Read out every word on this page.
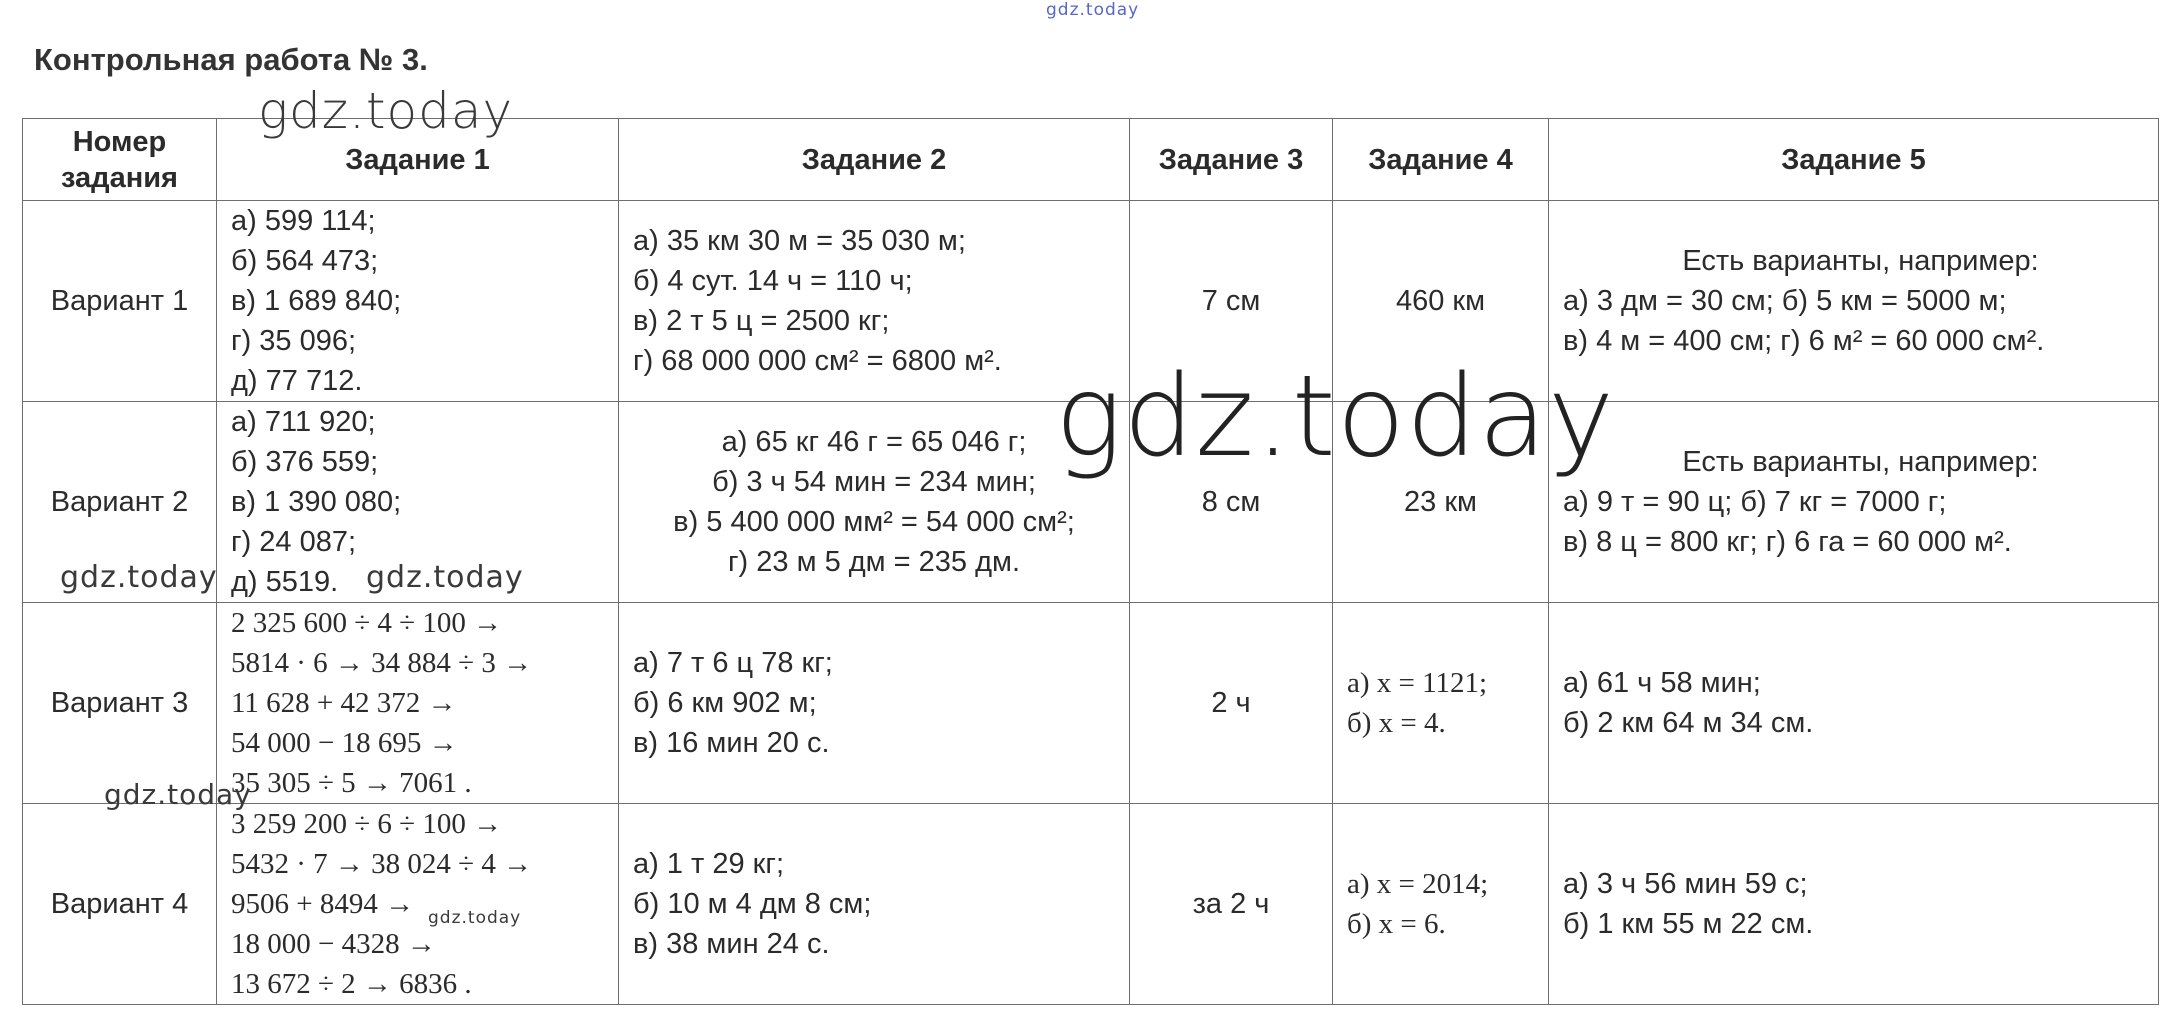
Контрольная работа № 3.
Номер задания	Задание 1	Задание 2	Задание 3	Задание 4	Задание 5
Вариант 1	а) 599 114;
б) 564 473;
в) 1 689 840;
г) 35 096;
д) 77 712.	а) 35 км 30 м = 35 030 м;
б) 4 сут. 14 ч = 110 ч;
в) 2 т 5 ц = 2500 кг;
г) 68 000 000 см² = 6800 м².	7 см	460 км	Есть варианты, например:
а) 3 дм = 30 см; б) 5 км = 5000 м;
в) 4 м = 400 см; г) 6 м² = 60 000 см².

Вариант 2	а) 711 920;
б) 376 559;
в) 1 390 080;
г) 24 087;
д) 5519.	а) 65 кг 46 г = 65 046 г;
б) 3 ч 54 мин = 234 мин;
в) 5 400 000 мм² = 54 000 см²;
г) 23 м 5 дм = 235 дм.	8 см	23 км	Есть варианты, например:
а) 9 т = 90 ц; б) 7 кг = 7000 г;
в) 8 ц = 800 кг; г) 6 га = 60 000 м².

Вариант 3	2 325 600 ÷ 4 ÷ 100 →
5814 · 6 → 34 884 ÷ 3 →
11 628 + 42 372 →
54 000 − 18 695 →
35 305 ÷ 5 → 7061 .	а) 7 т 6 ц 78 кг;
б) 6 км 902 м;
в) 16 мин 20 с.	2 ч	а) x = 1121;
б) x = 4.	а) 61 ч 58 мин;
б) 2 км 64 м 34 см.

Вариант 4	3 259 200 ÷ 6 ÷ 100 →
5432 · 7 → 38 024 ÷ 4 →
9506 + 8494 →
18 000 − 4328 →
13 672 ÷ 2 → 6836 .	а) 1 т 29 кг;
б) 10 м 4 дм 8 см;
в) 38 мин 24 с.	за 2 ч	а) x = 2014;
б) x = 6.	а) 3 ч 56 мин 59 с;
б) 1 км 55 м 22 см.
gdz.today
gdz.today
gdz.today
gdz.today	gdz.today
gdz.today
gdz.today
